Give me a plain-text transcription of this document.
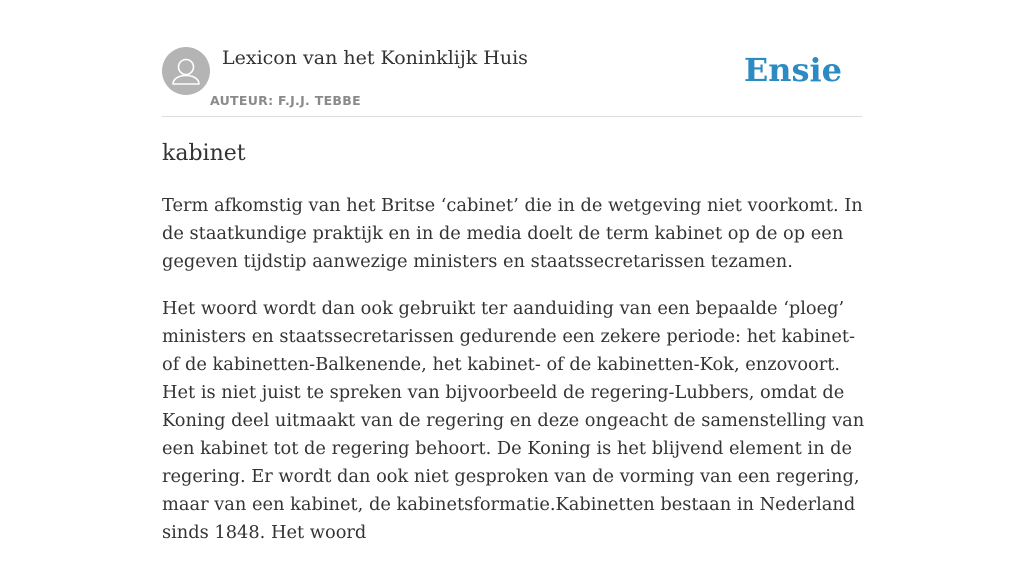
Lexicon van het Koninklijk Huis
AUTEUR: F.J.J. TEBBE
Ensie
kabinet

Term afkomstig van het Britse ‘cabinet’ die in de wetgeving niet voorkomt. In de staatkundige praktijk en in de media doelt de term kabinet op de op een gegeven tijdstip aanwezige ministers en staatssecretarissen tezamen.

Het woord wordt dan ook gebruikt ter aanduiding van een bepaalde ‘ploeg’ ministers en staatssecretarissen gedurende een zekere periode: het kabinet- of de kabinetten-Balkenende, het kabinet- of de kabinetten-Kok, enzovoort. Het is niet juist te spreken van bijvoorbeeld de regering-Lubbers, omdat de Koning deel uitmaakt van de regering en deze ongeacht de samenstelling van een kabinet tot de regering behoort. De Koning is het blijvend element in de regering. Er wordt dan ook niet gesproken van de vorming van een regering, maar van een kabinet, de kabinetsformatie.Kabinetten bestaan in Nederland sinds 1848. Het woord
